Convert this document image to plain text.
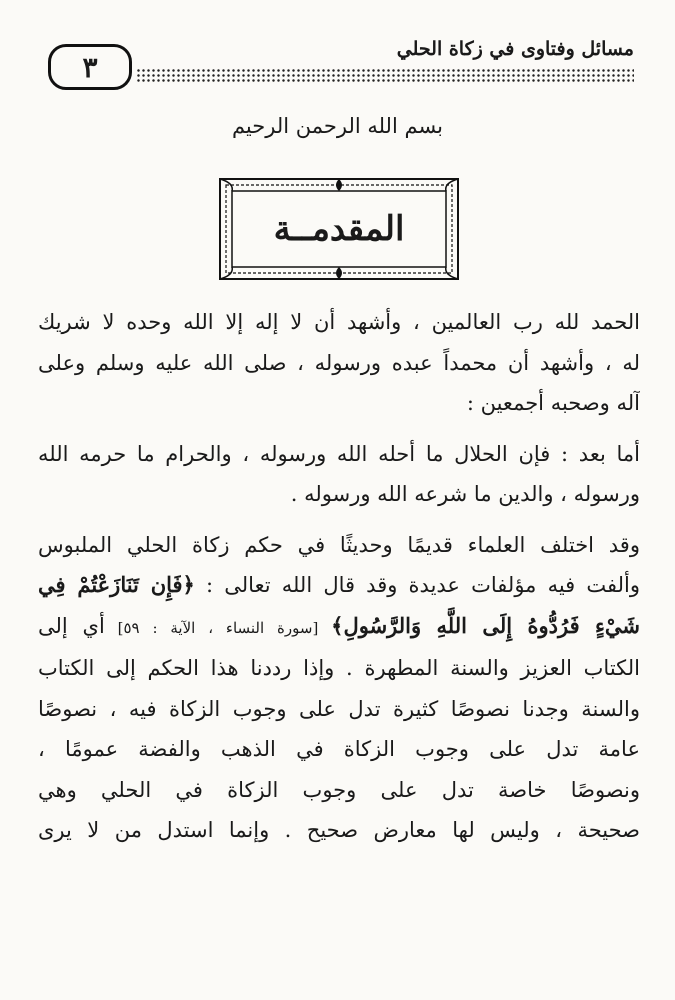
٣
مسائل وفتاوى في زكاة الحلي
بسم الله الرحمن الرحيم
المقدمــة

الحمد لله رب العالمين ، وأشهد أن لا إله إلا الله وحده لا شريك
له ، وأشهد أن محمداً عبده ورسوله ، صلى الله عليه وسلم وعلى
آله وصحبه أجمعين :

أما بعد : فإن الحلال ما أحله الله ورسوله ، والحرام ما حرمه الله
ورسوله ، والدين ما شرعه الله ورسوله .

وقد اختلف العلماء قديمًا وحديثًا في حكم زكاة الحلي الملبوس
وألفت فيه مؤلفات عديدة وقد قال الله تعالى : ﴿فَإِن تَنَازَعْتُمْ فِي
شَيْءٍ فَرُدُّوهُ إِلَى اللَّهِ وَالرَّسُولِ﴾ [سورة النساء ، الآية : ٥٩] أي إلى
الكتاب العزيز والسنة المطهرة . وإذا رددنا هذا الحكم إلى الكتاب
والسنة وجدنا نصوصًا كثيرة تدل على وجوب الزكاة فيه ، نصوصًا
عامة تدل على وجوب الزكاة في الذهب والفضة عمومًا ،
ونصوصًا خاصة تدل على وجوب الزكاة في الحلي وهي
صحيحة ، وليس لها معارض صحيح . وإنما استدل من لا يرى
